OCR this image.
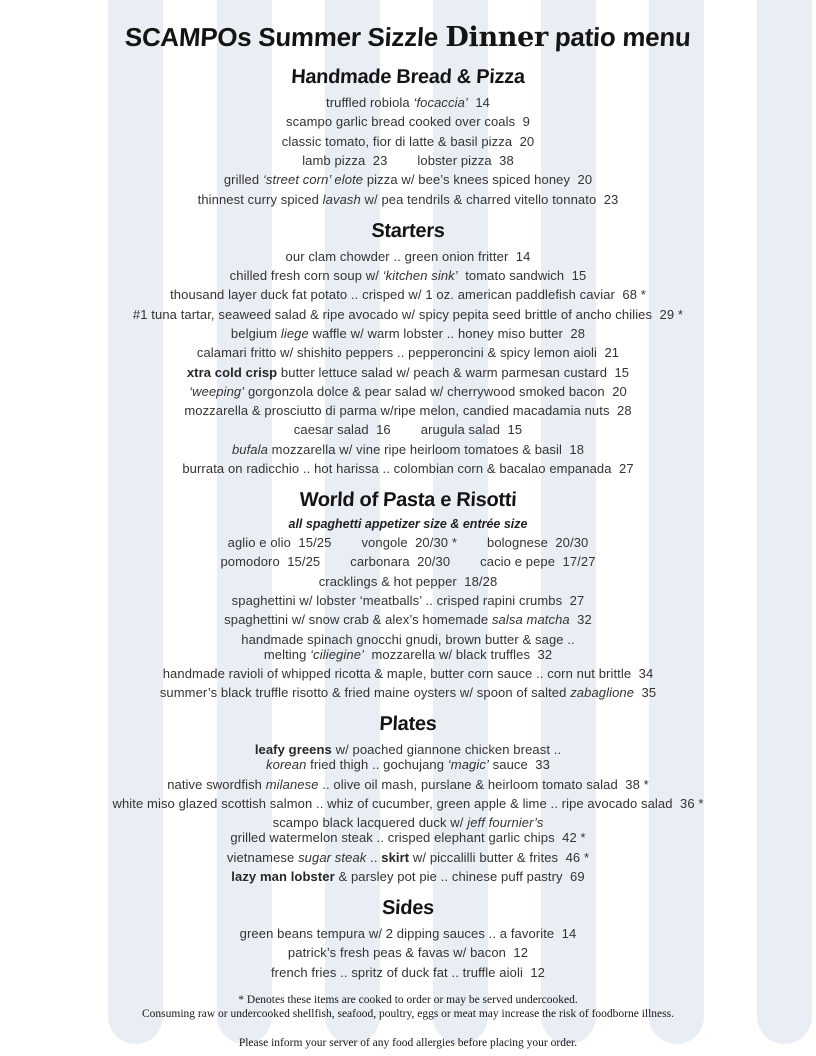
SCAMPOs Summer Sizzle Dinner patio menu
Handmade Bread & Pizza
truffled robiola ‘focaccia’  14
scampo garlic bread cooked over coals  9
classic tomato, fior di latte & basil pizza  20
lamb pizza  23 lobster pizza  38
grilled ‘street corn’ elote pizza w/ bee’s knees spiced honey  20
thinnest curry spiced lavash w/ pea tendrils & charred vitello tonnato  23
Starters
our clam chowder .. green onion fritter  14
chilled fresh corn soup w/ ‘kitchen sink’  tomato sandwich  15
thousand layer duck fat potato .. crisped w/ 1 oz. american paddlefish caviar  68 *
#1 tuna tartar, seaweed salad & ripe avocado w/ spicy pepita seed brittle of ancho chilies  29 *
belgium liege waffle w/ warm lobster .. honey miso butter  28
calamari fritto w/ shishito peppers .. pepperoncini & spicy lemon aioli  21
xtra cold crisp butter lettuce salad w/ peach & warm parmesan custard  15
‘weeping’ gorgonzola dolce & pear salad w/ cherrywood smoked bacon  20
mozzarella & prosciutto di parma w/ripe melon, candied macadamia nuts  28
caesar salad  16 arugula salad  15
bufala mozzarella w/ vine ripe heirloom tomatoes & basil  18
burrata on radicchio .. hot harissa .. colombian corn & bacalao empanada  27
World of Pasta e Risotti
all spaghetti appetizer size & entrée size
aglio e olio  15/25 vongole  20/30 * bolognese  20/30
pomodoro  15/25 carbonara  20/30 cacio e pepe  17/27
cracklings & hot pepper  18/28
spaghettini w/ lobster ‘meatballs’ .. crisped rapini crumbs  27
spaghettini w/ snow crab & alex’s homemade salsa matcha  32
handmade spinach gnocchi gnudi, brown butter & sage ..
melting ‘ciliegine’  mozzarella w/ black truffles  32
handmade ravioli of whipped ricotta & maple, butter corn sauce .. corn nut brittle  34
summer’s black truffle risotto & fried maine oysters w/ spoon of salted zabaglione  35
Plates
leafy greens w/ poached giannone chicken breast ..
korean fried thigh .. gochujang ‘magic’ sauce  33
native swordfish milanese .. olive oil mash, purslane & heirloom tomato salad  38 *
white miso glazed scottish salmon .. whiz of cucumber, green apple & lime .. ripe avocado salad  36 *
scampo black lacquered duck w/ jeff fournier’s
grilled watermelon steak .. crisped elephant garlic chips  42 *
vietnamese sugar steak .. skirt w/ piccalilli butter & frites  46 *
lazy man lobster & parsley pot pie .. chinese puff pastry  69
Sides
green beans tempura w/ 2 dipping sauces .. a favorite  14
patrick’s fresh peas & favas w/ bacon  12
french fries .. spritz of duck fat .. truffle aioli  12

* Denotes these items are cooked to order or may be served undercooked.

Consuming raw or undercooked shellfish, seafood, poultry, eggs or meat may increase the risk of foodborne illness.

Please inform your server of any food allergies before placing your order.
